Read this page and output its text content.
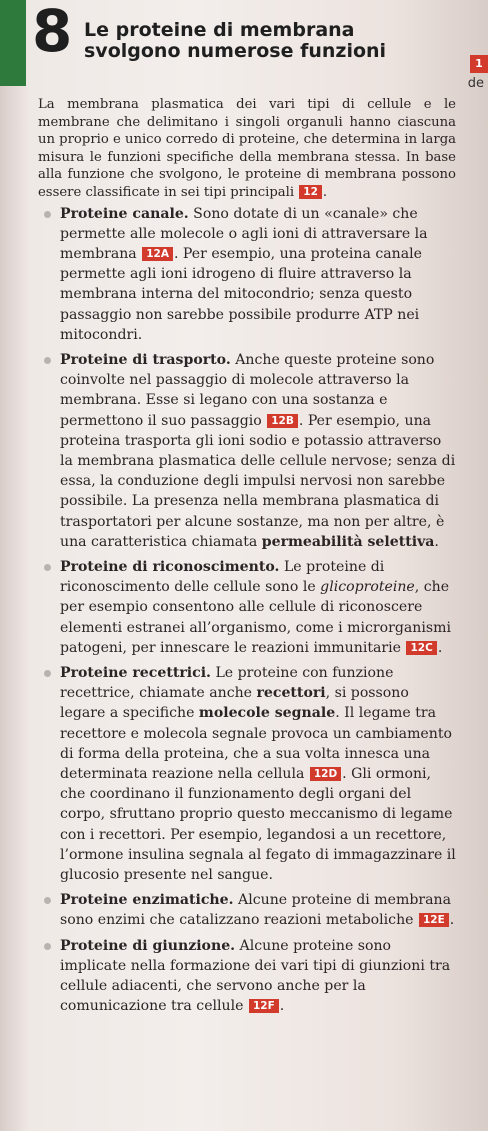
8 Le proteine di membrana svolgono numerose funzioni
1
de

La membrana plasmatica dei vari tipi di cellule e le membrane che delimitano i singoli organuli hanno ciascuna un proprio e unico corredo di proteine, che determina in larga misura le funzioni specifiche della membrana stessa. In base alla funzione che svolgono, le proteine di membrana possono essere classificate in sei tipi principali 12 .

Proteine canale. Sono dotate di un «canale» che permette alle molecole o agli ioni di attraversare la membrana 12A . Per esempio, una proteina canale permette agli ioni idrogeno di fluire attraverso la membrana interna del mitocondrio; senza questo passaggio non sarebbe possibile produrre ATP nei mitocondri.
Proteine di trasporto. Anche queste proteine sono coinvolte nel passaggio di molecole attraverso la membrana. Esse si legano con una sostanza e permettono il suo passaggio 12B . Per esempio, una proteina trasporta gli ioni sodio e potassio attraverso la membrana plasmatica delle cellule nervose; senza di essa, la conduzione degli impulsi nervosi non sarebbe possibile. La presenza nella membrana plasmatica di trasportatori per alcune sostanze, ma non per altre, è una caratteristica chiamata permeabilità selettiva.
Proteine di riconoscimento. Le proteine di riconoscimento delle cellule sono le glicoproteine, che per esempio consentono alle cellule di riconoscere elementi estranei all’organismo, come i microrganismi patogeni, per innescare le reazioni immunitarie 12C .
Proteine recettrici. Le proteine con funzione recettrice, chiamate anche recettori, si possono legare a specifiche molecole segnale. Il legame tra recettore e molecola segnale provoca un cambiamento di forma della proteina, che a sua volta innesca una determinata reazione nella cellula 12D . Gli ormoni, che coordinano il funzionamento degli organi del corpo, sfruttano proprio questo meccanismo di legame con i recettori. Per esempio, legandosi a un recettore, l’ormone insulina segnala al fegato di immagazzinare il glucosio presente nel sangue.
Proteine enzimatiche. Alcune proteine di membrana sono enzimi che catalizzano reazioni metaboliche 12E .
Proteine di giunzione. Alcune proteine sono implicate nella formazione dei vari tipi di giunzioni tra cellule adiacenti, che servono anche per la comunicazione tra cellule 12F .
